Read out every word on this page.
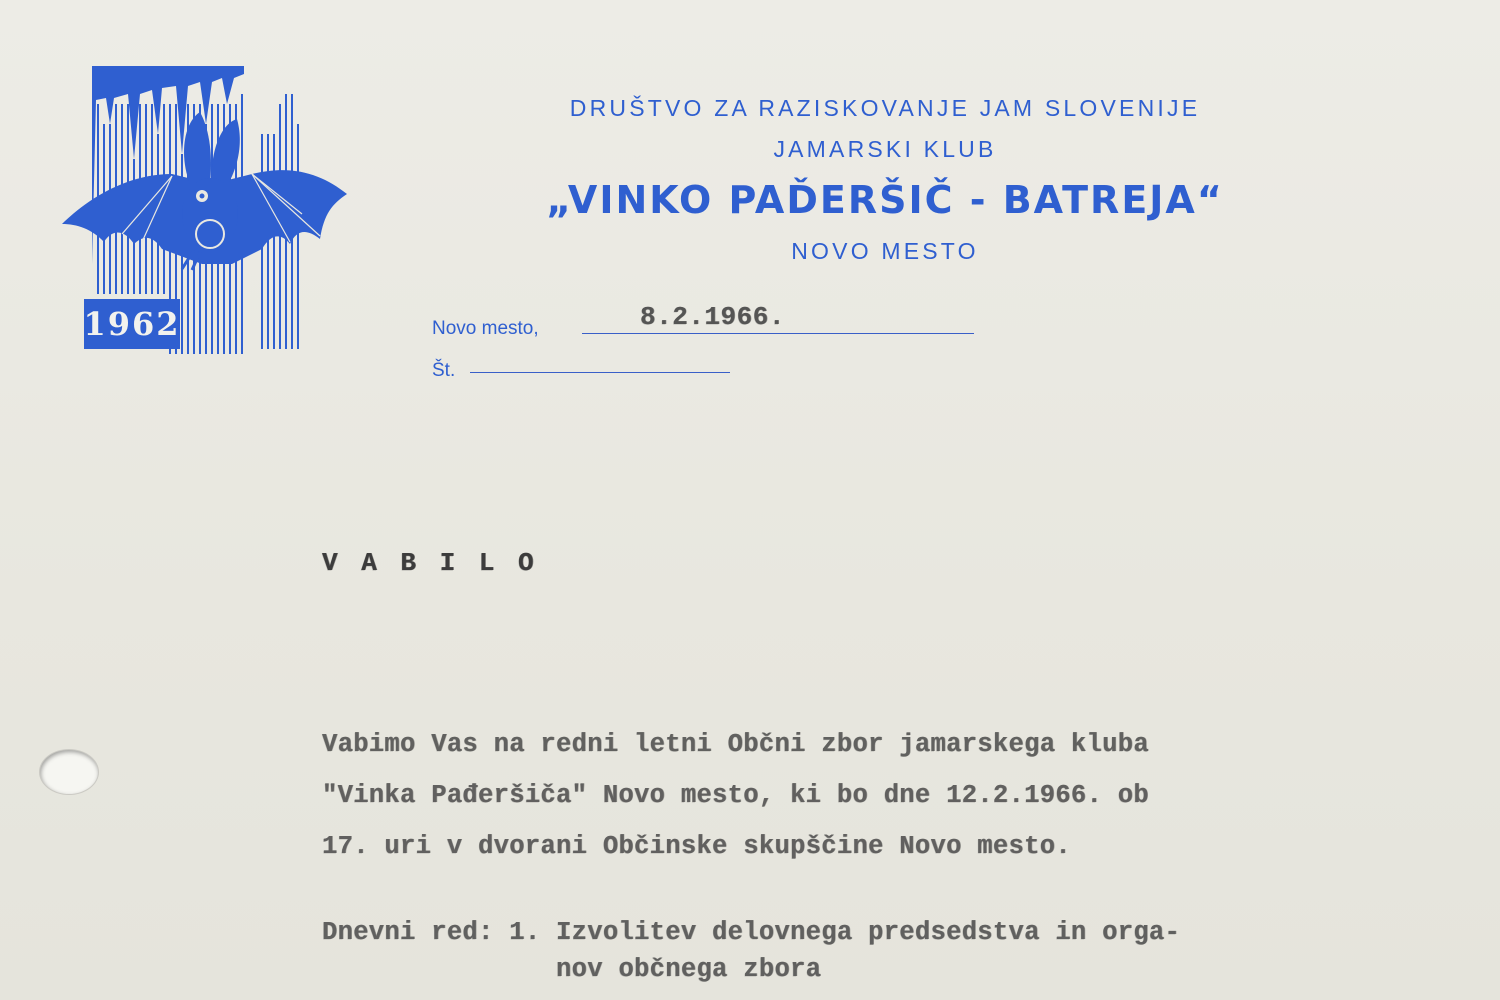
1962
DRUŠTVO ZA RAZISKOVANJE JAM SLOVENIJE
JAMARSKI KLUB
„VINKO PAĎERŠIČ - BATREJA“
NOVO MESTO
Novo mesto,	8.2.1966.
Št.
V A B I L O
Vabimo Vas na redni letni Občni zbor jamarskega kluba
"Vinka Pađeršiča" Novo mesto, ki bo dne 12.2.1966. ob
17. uri v dvorani Občinske skupščine Novo mesto.
Dnevni red: 1. Izvolitev delovnega predsedstva in orga-
nov občnega zbora
